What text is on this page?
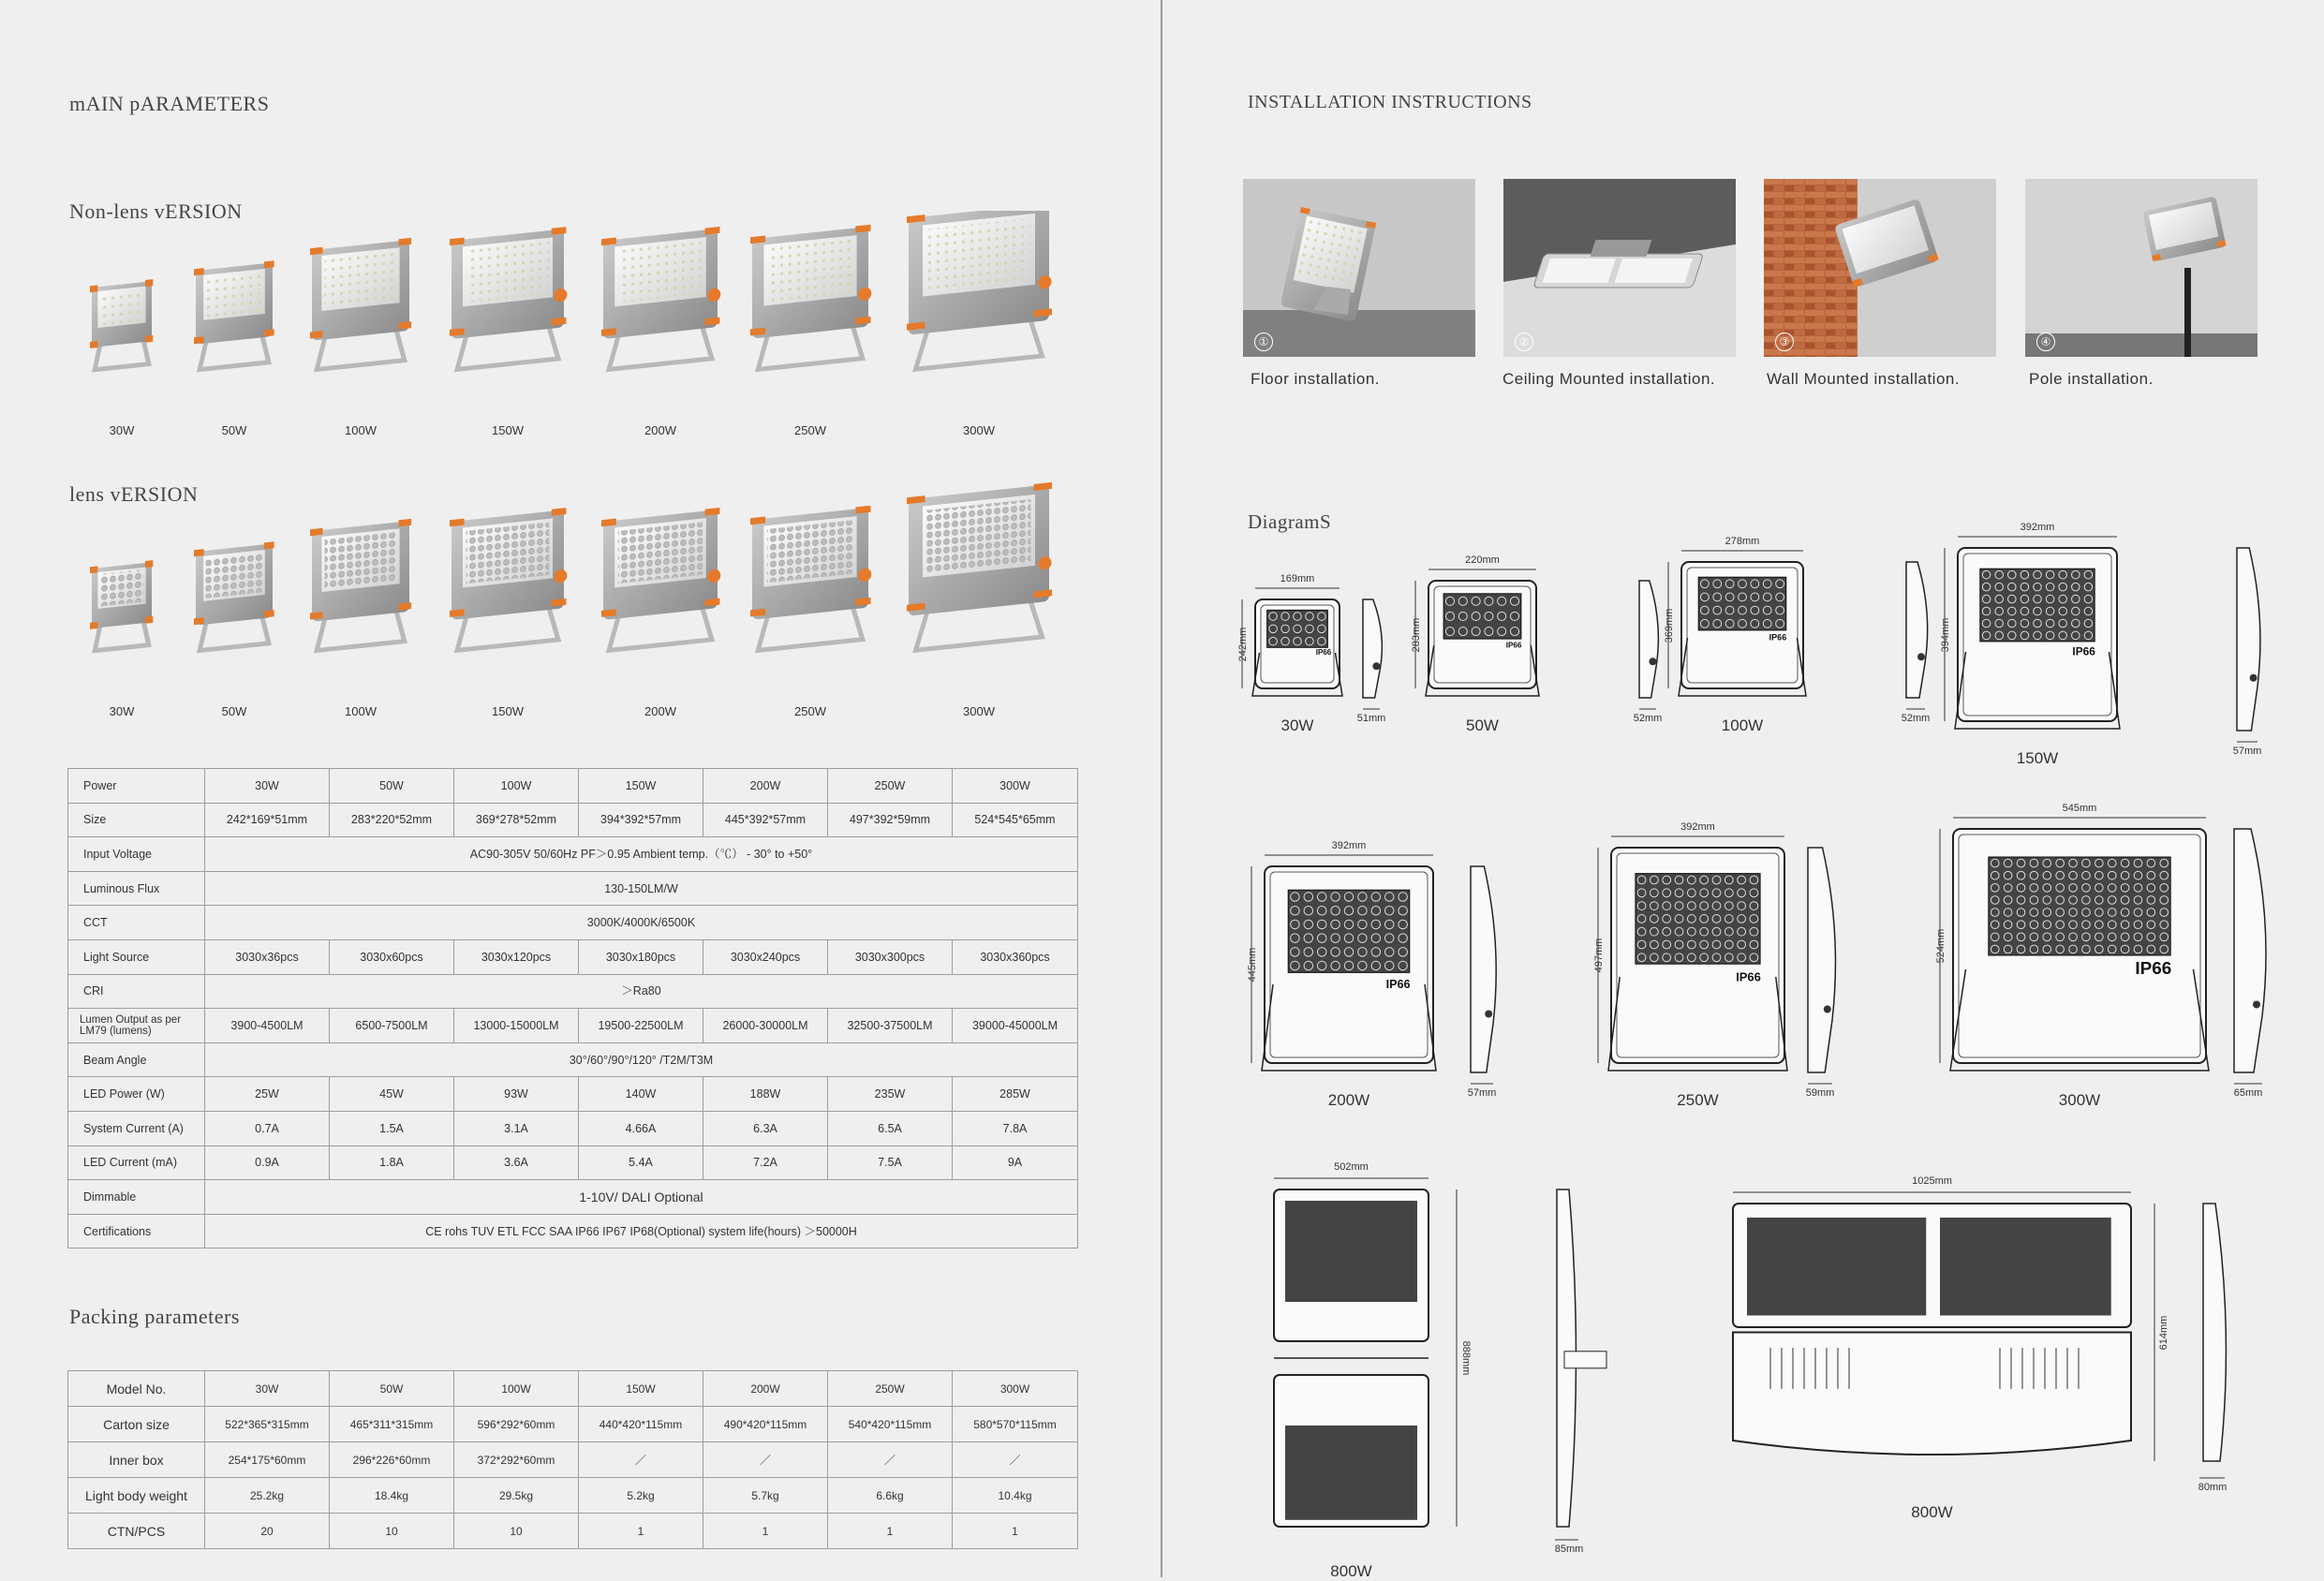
mAIN pARAMETERS
Non-lens vERSION
lens vERSION
30W	50W	100W	150W	200W	250W	300W
30W	50W	100W	150W	200W	250W	300W
Power	30W	50W	100W	150W	200W	250W	300W
Size	242*169*51mm	283*220*52mm	369*278*52mm	394*392*57mm	445*392*57mm	497*392*59mm	524*545*65mm
Input Voltage	AC90-305V 50/60Hz PF＞0.95 Ambient temp.（℃） - 30° to +50°						
Luminous Flux	130-150LM/W						
CCT	3000K/4000K/6500K						
Light Source	3030x36pcs	3030x60pcs	3030x120pcs	3030x180pcs	3030x240pcs	3030x300pcs	3030x360pcs
CRI	＞Ra80						
Lumen Output as per LM79 (lumens)	3900-4500LM	6500-7500LM	13000-15000LM	19500-22500LM	26000-30000LM	32500-37500LM	39000-45000LM
Beam Angle	30°/60°/90°/120° /T2M/T3M						
LED Power (W)	25W	45W	93W	140W	188W	235W	285W
System Current (A)	0.7A	1.5A	3.1A	4.66A	6.3A	6.5A	7.8A
LED Current (mA)	0.9A	1.8A	3.6A	5.4A	7.2A	7.5A	9A
Dimmable	1-10V/ DALI Optional						
Certifications	CE rohs TUV ETL FCC SAA IP66 IP67 IP68(Optional) system life(hours) ＞50000H						
Packing parameters
Model No.	30W	50W	100W	150W	200W	250W	300W
Carton size	522*365*315mm	465*311*315mm	596*292*60mm	440*420*115mm	490*420*115mm	540*420*115mm	580*570*115mm
Inner box	254*175*60mm	296*226*60mm	372*292*60mm	／	／	／	／
Light body weight	25.2kg	18.4kg	29.5kg	5.2kg	5.7kg	6.6kg	10.4kg
CTN/PCS	20	10	10	1	1	1	1
INSTALLATION INSTRUCTIONS
①	②	③	④
Floor installation.	Ceiling Mounted installation.	Wall Mounted installation.	Pole installation.
DiagramS
IP66
IP66
IP66
IP66
IP66
IP66	IP66
169mm
242mm
51mm
30W
220mm
283mm
52mm
50W
278mm
369mm
52mm
100W
392mm
394mm
57mm
150W
392mm
445mm
57mm
200W
392mm
497mm
59mm
250W
545mm
524mm
65mm
300W
502mm
888mm
85mm
800W
1025mm
614mm
80mm
800W
